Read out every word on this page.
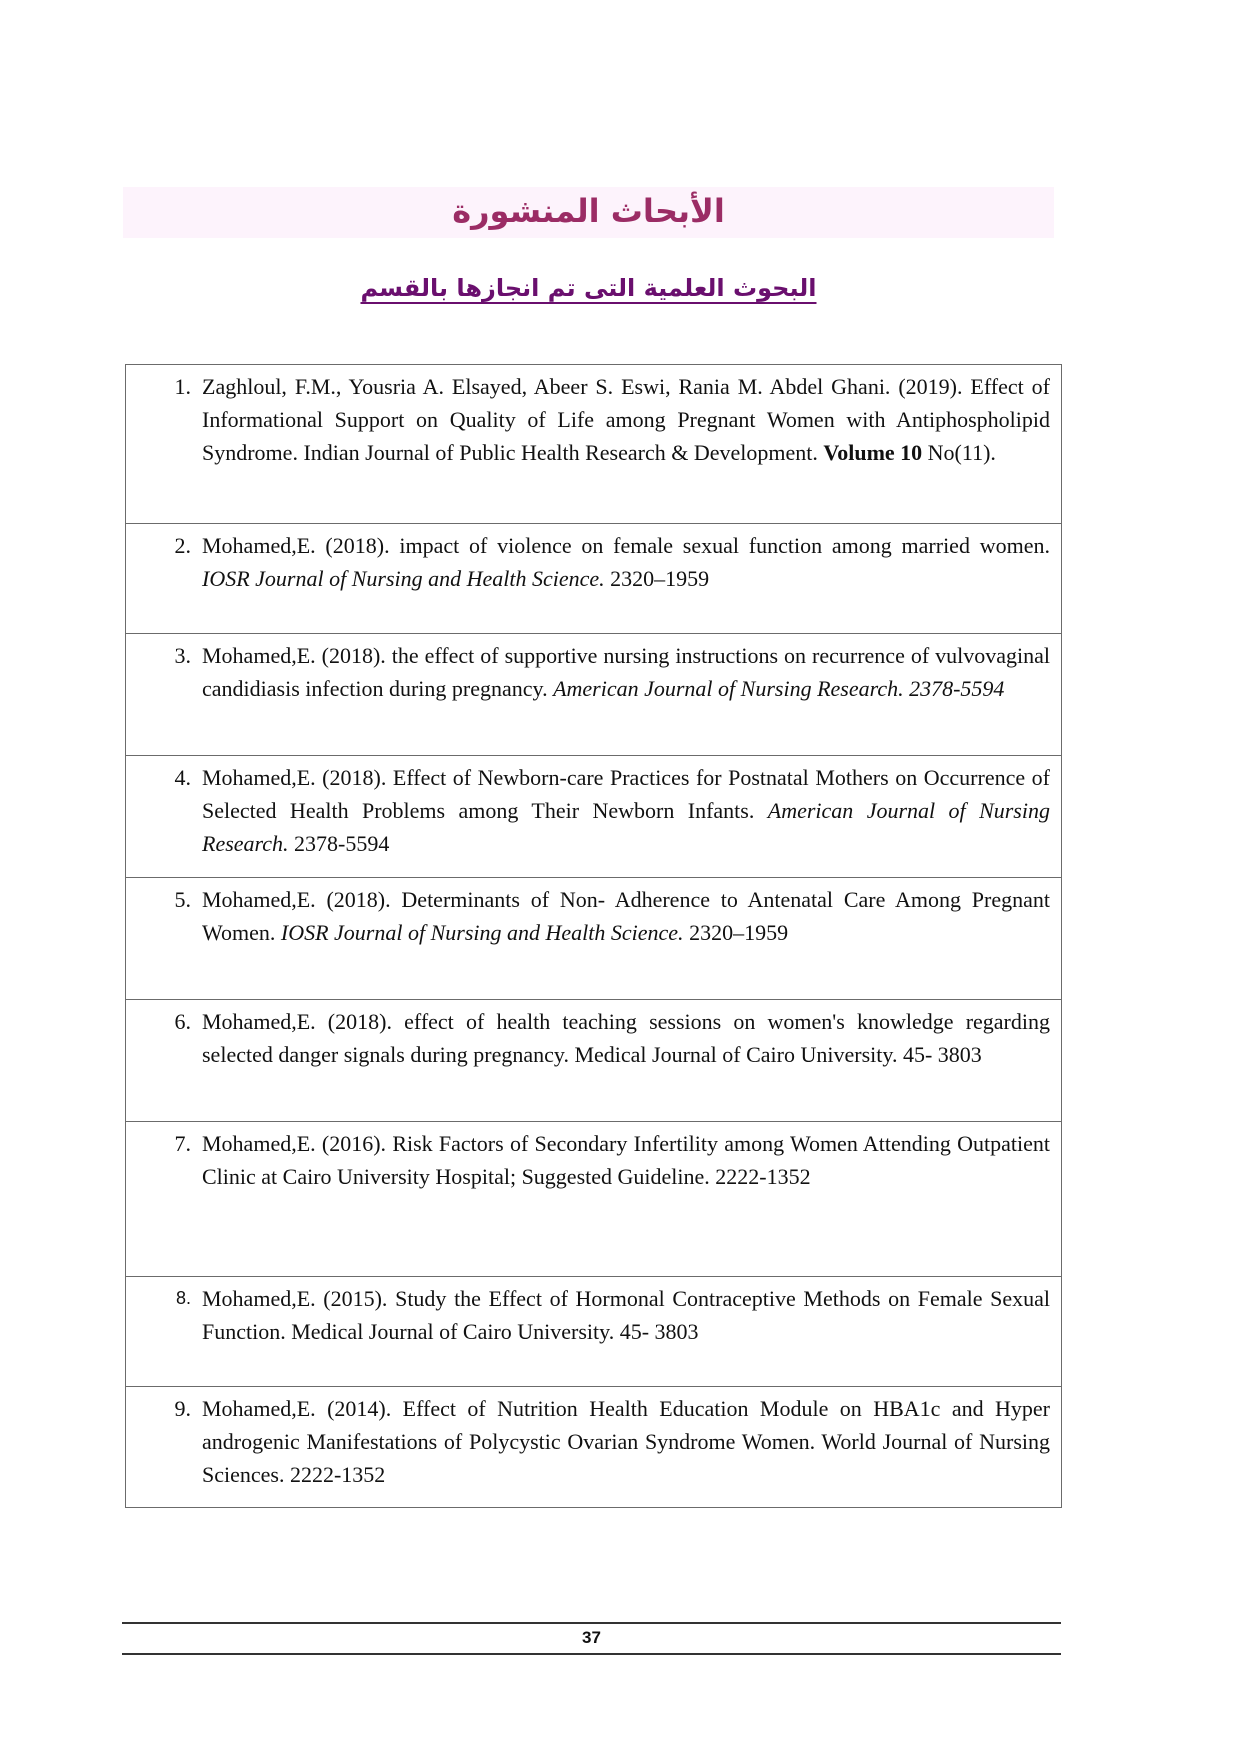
الأبحاث المنشورة
البحوث العلمية التى تم انجازها بالقسم
1. Zaghloul, F.M., Yousria A. Elsayed, Abeer S. Eswi, Rania M. Abdel Ghani. (2019). Effect of Informational Support on Quality of Life among Pregnant Women with Antiphospholipid Syndrome. Indian Journal of Public Health Research & Development. Volume 10 No(11).

2. Mohamed,E. (2018). impact of violence on female sexual function among married women. IOSR Journal of Nursing and Health Science. 2320–1959

3. Mohamed,E. (2018). the effect of supportive nursing instructions on recurrence of vulvovaginal candidiasis infection during pregnancy. American Journal of Nursing Research. 2378-5594

4. Mohamed,E. (2018). Effect of Newborn-care Practices for Postnatal Mothers on Occurrence of Selected Health Problems among Their Newborn Infants. American Journal of Nursing Research. 2378-5594

5. Mohamed,E. (2018). Determinants of Non- Adherence to Antenatal Care Among Pregnant Women. IOSR Journal of Nursing and Health Science. 2320–1959

6. Mohamed,E. (2018). effect of health teaching sessions on women's knowledge regarding selected danger signals during pregnancy. Medical Journal of Cairo University. 45- 3803

7. Mohamed,E. (2016). Risk Factors of Secondary Infertility among Women Attending Outpatient Clinic at Cairo University Hospital; Suggested Guideline. 2222-1352

8. Mohamed,E. (2015). Study the Effect of Hormonal Contraceptive Methods on Female Sexual Function. Medical Journal of Cairo University. 45- 3803

9. Mohamed,E. (2014). Effect of Nutrition Health Education Module on HBA1c and Hyper androgenic Manifestations of Polycystic Ovarian Syndrome Women. World Journal of Nursing Sciences. 2222-1352
37
